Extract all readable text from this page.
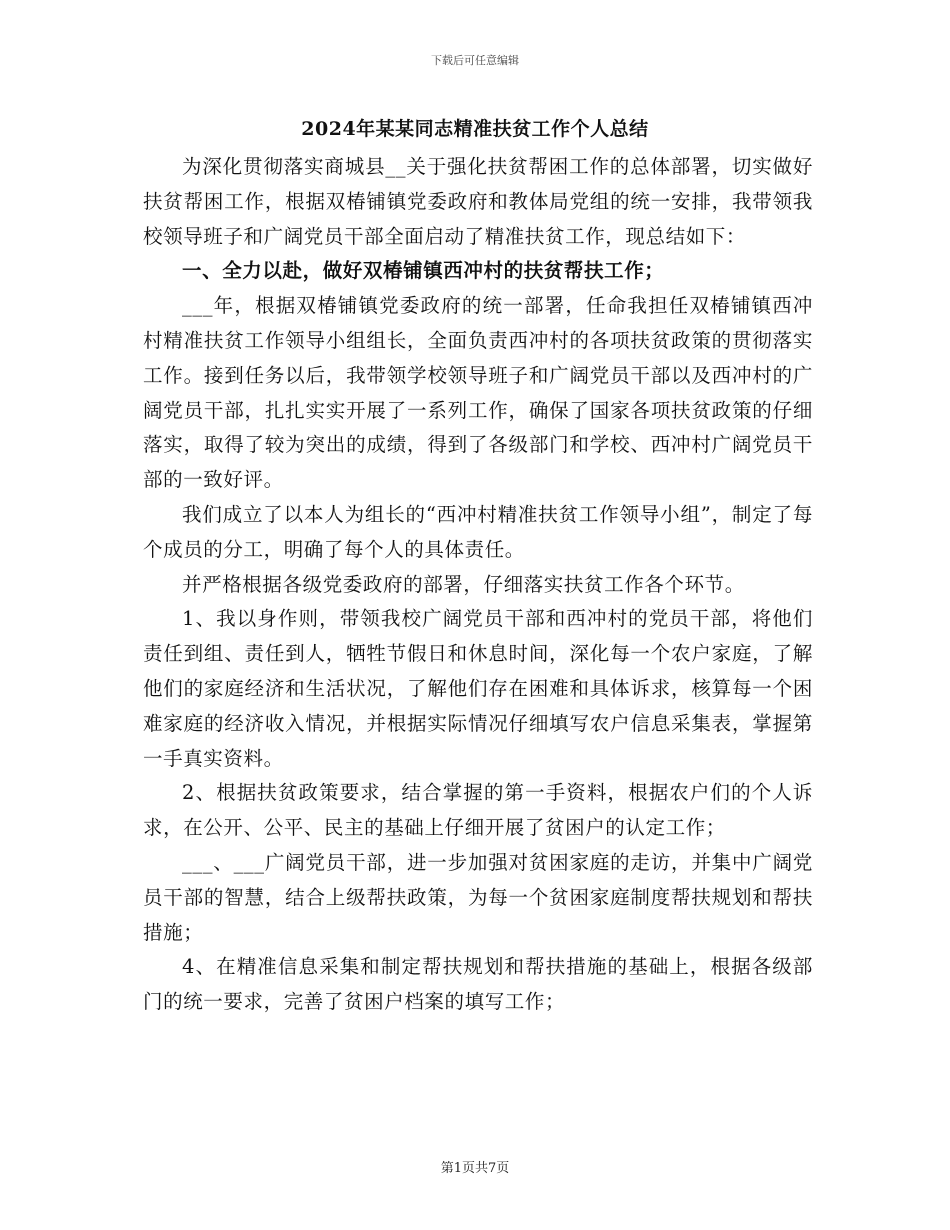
下载后可任意编辑
2024年某某同志精准扶贫工作个人总结

为深化贯彻落实商城县__关于强化扶贫帮困工作的总体部署，切实做好扶贫帮困工作，根据双椿铺镇党委政府和教体局党组的统一安排，我带领我校领导班子和广阔党员干部全面启动了精准扶贫工作，现总结如下：

一、全力以赴，做好双椿铺镇西冲村的扶贫帮扶工作；

___年，根据双椿铺镇党委政府的统一部署，任命我担任双椿铺镇西冲村精准扶贫工作领导小组组长，全面负责西冲村的各项扶贫政策的贯彻落实工作。接到任务以后，我带领学校领导班子和广阔党员干部以及西冲村的广阔党员干部，扎扎实实开展了一系列工作，确保了国家各项扶贫政策的仔细落实，取得了较为突出的成绩，得到了各级部门和学校、西冲村广阔党员干部的一致好评。

我们成立了以本人为组长的“西冲村精准扶贫工作领导小组”，制定了每个成员的分工，明确了每个人的具体责任。

并严格根据各级党委政府的部署，仔细落实扶贫工作各个环节。

1、我以身作则，带领我校广阔党员干部和西冲村的党员干部，将他们责任到组、责任到人，牺牲节假日和休息时间，深化每一个农户家庭，了解他们的家庭经济和生活状况，了解他们存在困难和具体诉求，核算每一个困难家庭的经济收入情况，并根据实际情况仔细填写农户信息采集表，掌握第一手真实资料。

2、根据扶贫政策要求，结合掌握的第一手资料，根据农户们的个人诉求，在公开、公平、民主的基础上仔细开展了贫困户的认定工作；

___、___广阔党员干部，进一步加强对贫困家庭的走访，并集中广阔党员干部的智慧，结合上级帮扶政策，为每一个贫困家庭制度帮扶规划和帮扶措施；

4、在精准信息采集和制定帮扶规划和帮扶措施的基础上，根据各级部门的统一要求，完善了贫困户档案的填写工作；

第1页共7页
